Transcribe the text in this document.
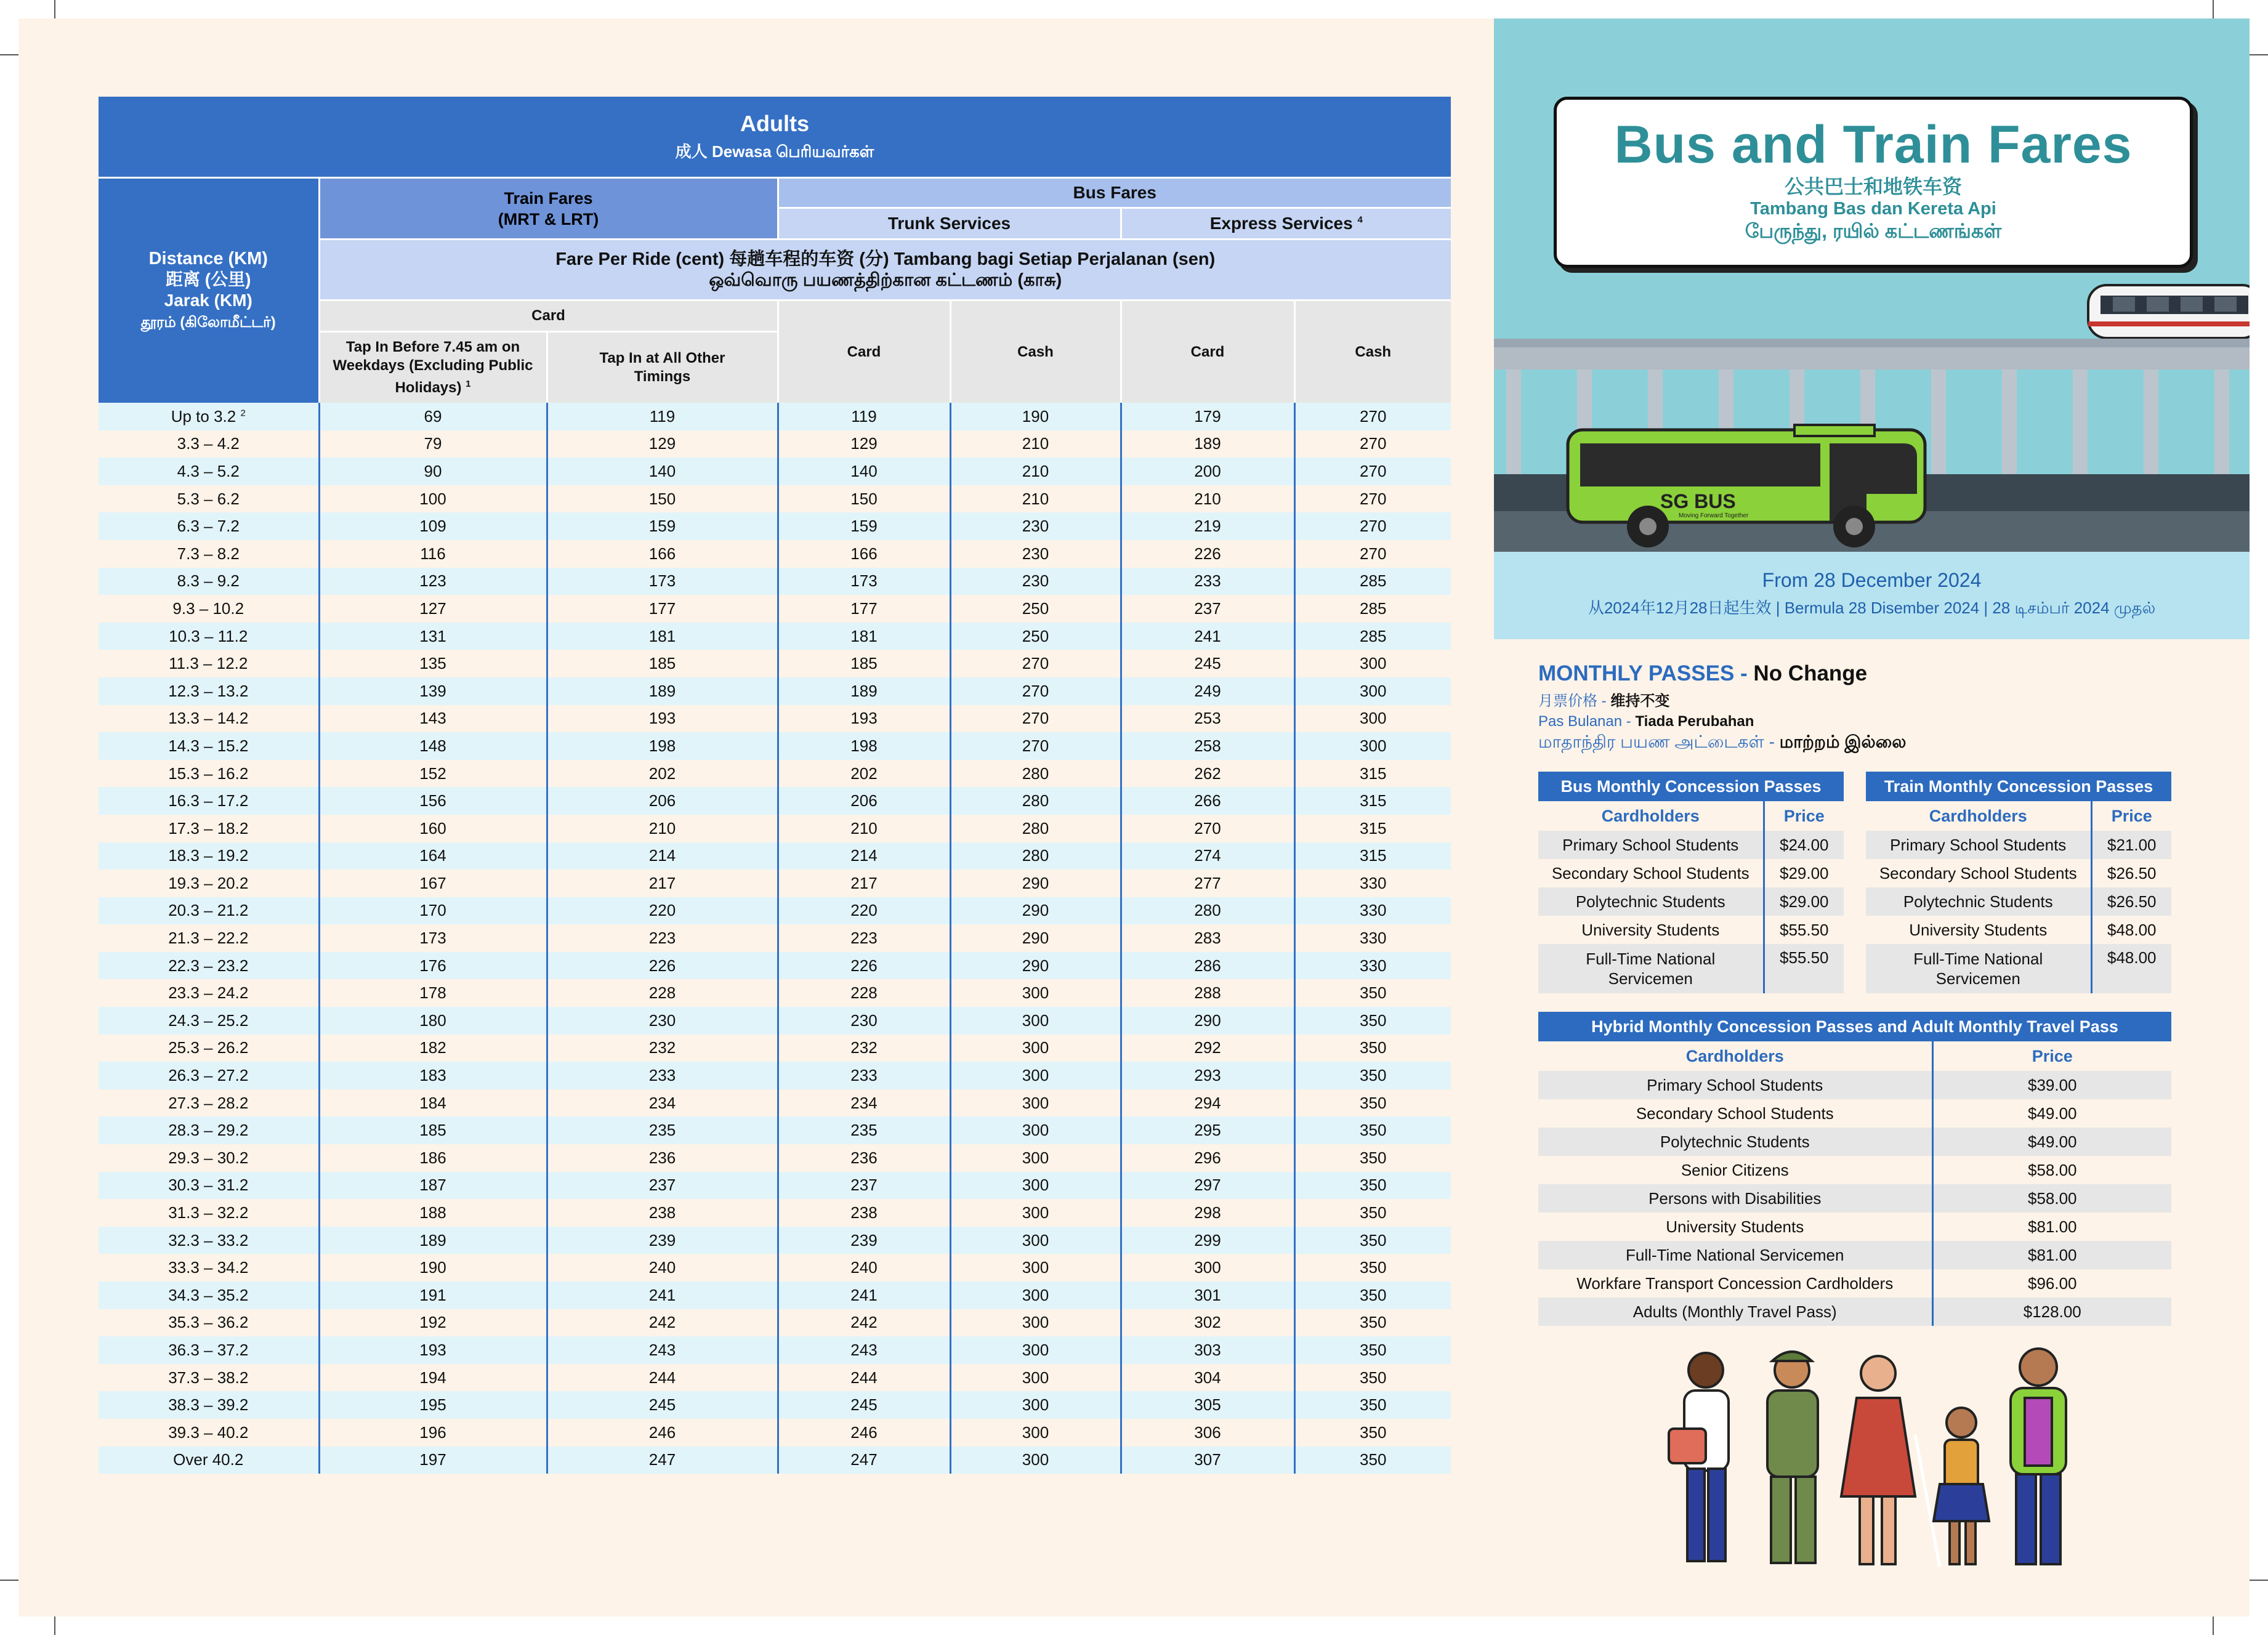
Adults
成人 Dewasa பெரியவர்கள்						

Distance (KM)
距离 (公里)
Jarak (KM)
தூரம் (கிலோமீட்டர்)	Train Fares
(MRT & LRT)		Bus Fares			
			Trunk Services		Express Services $^4$
	Fare Per Ride (cent) 每趟车程的车资 (分) Tambang bagi Setiap Perjalanan (sen)
ஒவ்வொரு பயணத்திற்கான கட்டணம் (காசு)					
	Card		Card	Cash	Card	Cash
	Tap In Before 7.45 am on Weekdays (Excluding Public Holidays) $^1$	Tap In at All Other Timings				
Up to 3.2 $^2$	69	119	119	190	179	270
3.3 – 4.2	79	129	129	210	189	270
4.3 – 5.2	90	140	140	210	200	270
5.3 – 6.2	100	150	150	210	210	270
6.3 – 7.2	109	159	159	230	219	270
7.3 – 8.2	116	166	166	230	226	270
8.3 – 9.2	123	173	173	230	233	285
9.3 – 10.2	127	177	177	250	237	285
10.3 – 11.2	131	181	181	250	241	285
11.3 – 12.2	135	185	185	270	245	300
12.3 – 13.2	139	189	189	270	249	300
13.3 – 14.2	143	193	193	270	253	300
14.3 – 15.2	148	198	198	270	258	300
15.3 – 16.2	152	202	202	280	262	315
16.3 – 17.2	156	206	206	280	266	315
17.3 – 18.2	160	210	210	280	270	315
18.3 – 19.2	164	214	214	280	274	315
19.3 – 20.2	167	217	217	290	277	330
20.3 – 21.2	170	220	220	290	280	330
21.3 – 22.2	173	223	223	290	283	330
22.3 – 23.2	176	226	226	290	286	330
23.3 – 24.2	178	228	228	300	288	350
24.3 – 25.2	180	230	230	300	290	350
25.3 – 26.2	182	232	232	300	292	350
26.3 – 27.2	183	233	233	300	293	350
27.3 – 28.2	184	234	234	300	294	350
28.3 – 29.2	185	235	235	300	295	350
29.3 – 30.2	186	236	236	300	296	350
30.3 – 31.2	187	237	237	300	297	350
31.3 – 32.2	188	238	238	300	298	350
32.3 – 33.2	189	239	239	300	299	350
33.3 – 34.2	190	240	240	300	300	350
34.3 – 35.2	191	241	241	300	301	350
35.3 – 36.2	192	242	242	300	302	350
36.3 – 37.2	193	243	243	300	303	350
37.3 – 38.2	194	244	244	300	304	350
38.3 – 39.2	195	245	245	300	305	350
39.3 – 40.2	196	246	246	300	306	350
Over 40.2	197	247	247	300	307	350
SG BUS
Moving Forward Together
Bus and Train Fares
公共巴士和地铁车资
Tambang Bas dan Kereta Api
பேருந்து, ரயில் கட்டணங்கள்
From 28 December 2024
从2024年12月28日起生效 | Bermula 28 Disember 2024 | 28 டிசம்பர் 2024 முதல்
MONTHLY PASSES - No Change
月票价格 - 维持不变
Pas Bulanan - Tiada Perubahan
மாதாந்திர பயண அட்டைகள் - மாற்றம் இல்லை
Bus Monthly Concession Passes	
Cardholders	Price
Primary School Students	$24.00
Secondary School Students	$29.00
Polytechnic Students	$29.00
University Students	$55.50
Full-Time National Servicemen	$55.50
Train Monthly Concession Passes	
Cardholders	Price
Primary School Students	$21.00
Secondary School Students	$26.50
Polytechnic Students	$26.50
University Students	$48.00
Full-Time National Servicemen	$48.00
Hybrid Monthly Concession Passes and Adult Monthly Travel Pass	
Cardholders	Price
Primary School Students	$39.00
Secondary School Students	$49.00
Polytechnic Students	$49.00
Senior Citizens	$58.00
Persons with Disabilities	$58.00
University Students	$81.00
Full-Time National Servicemen	$81.00
Workfare Transport Concession Cardholders	$96.00
Adults (Monthly Travel Pass)	$128.00
